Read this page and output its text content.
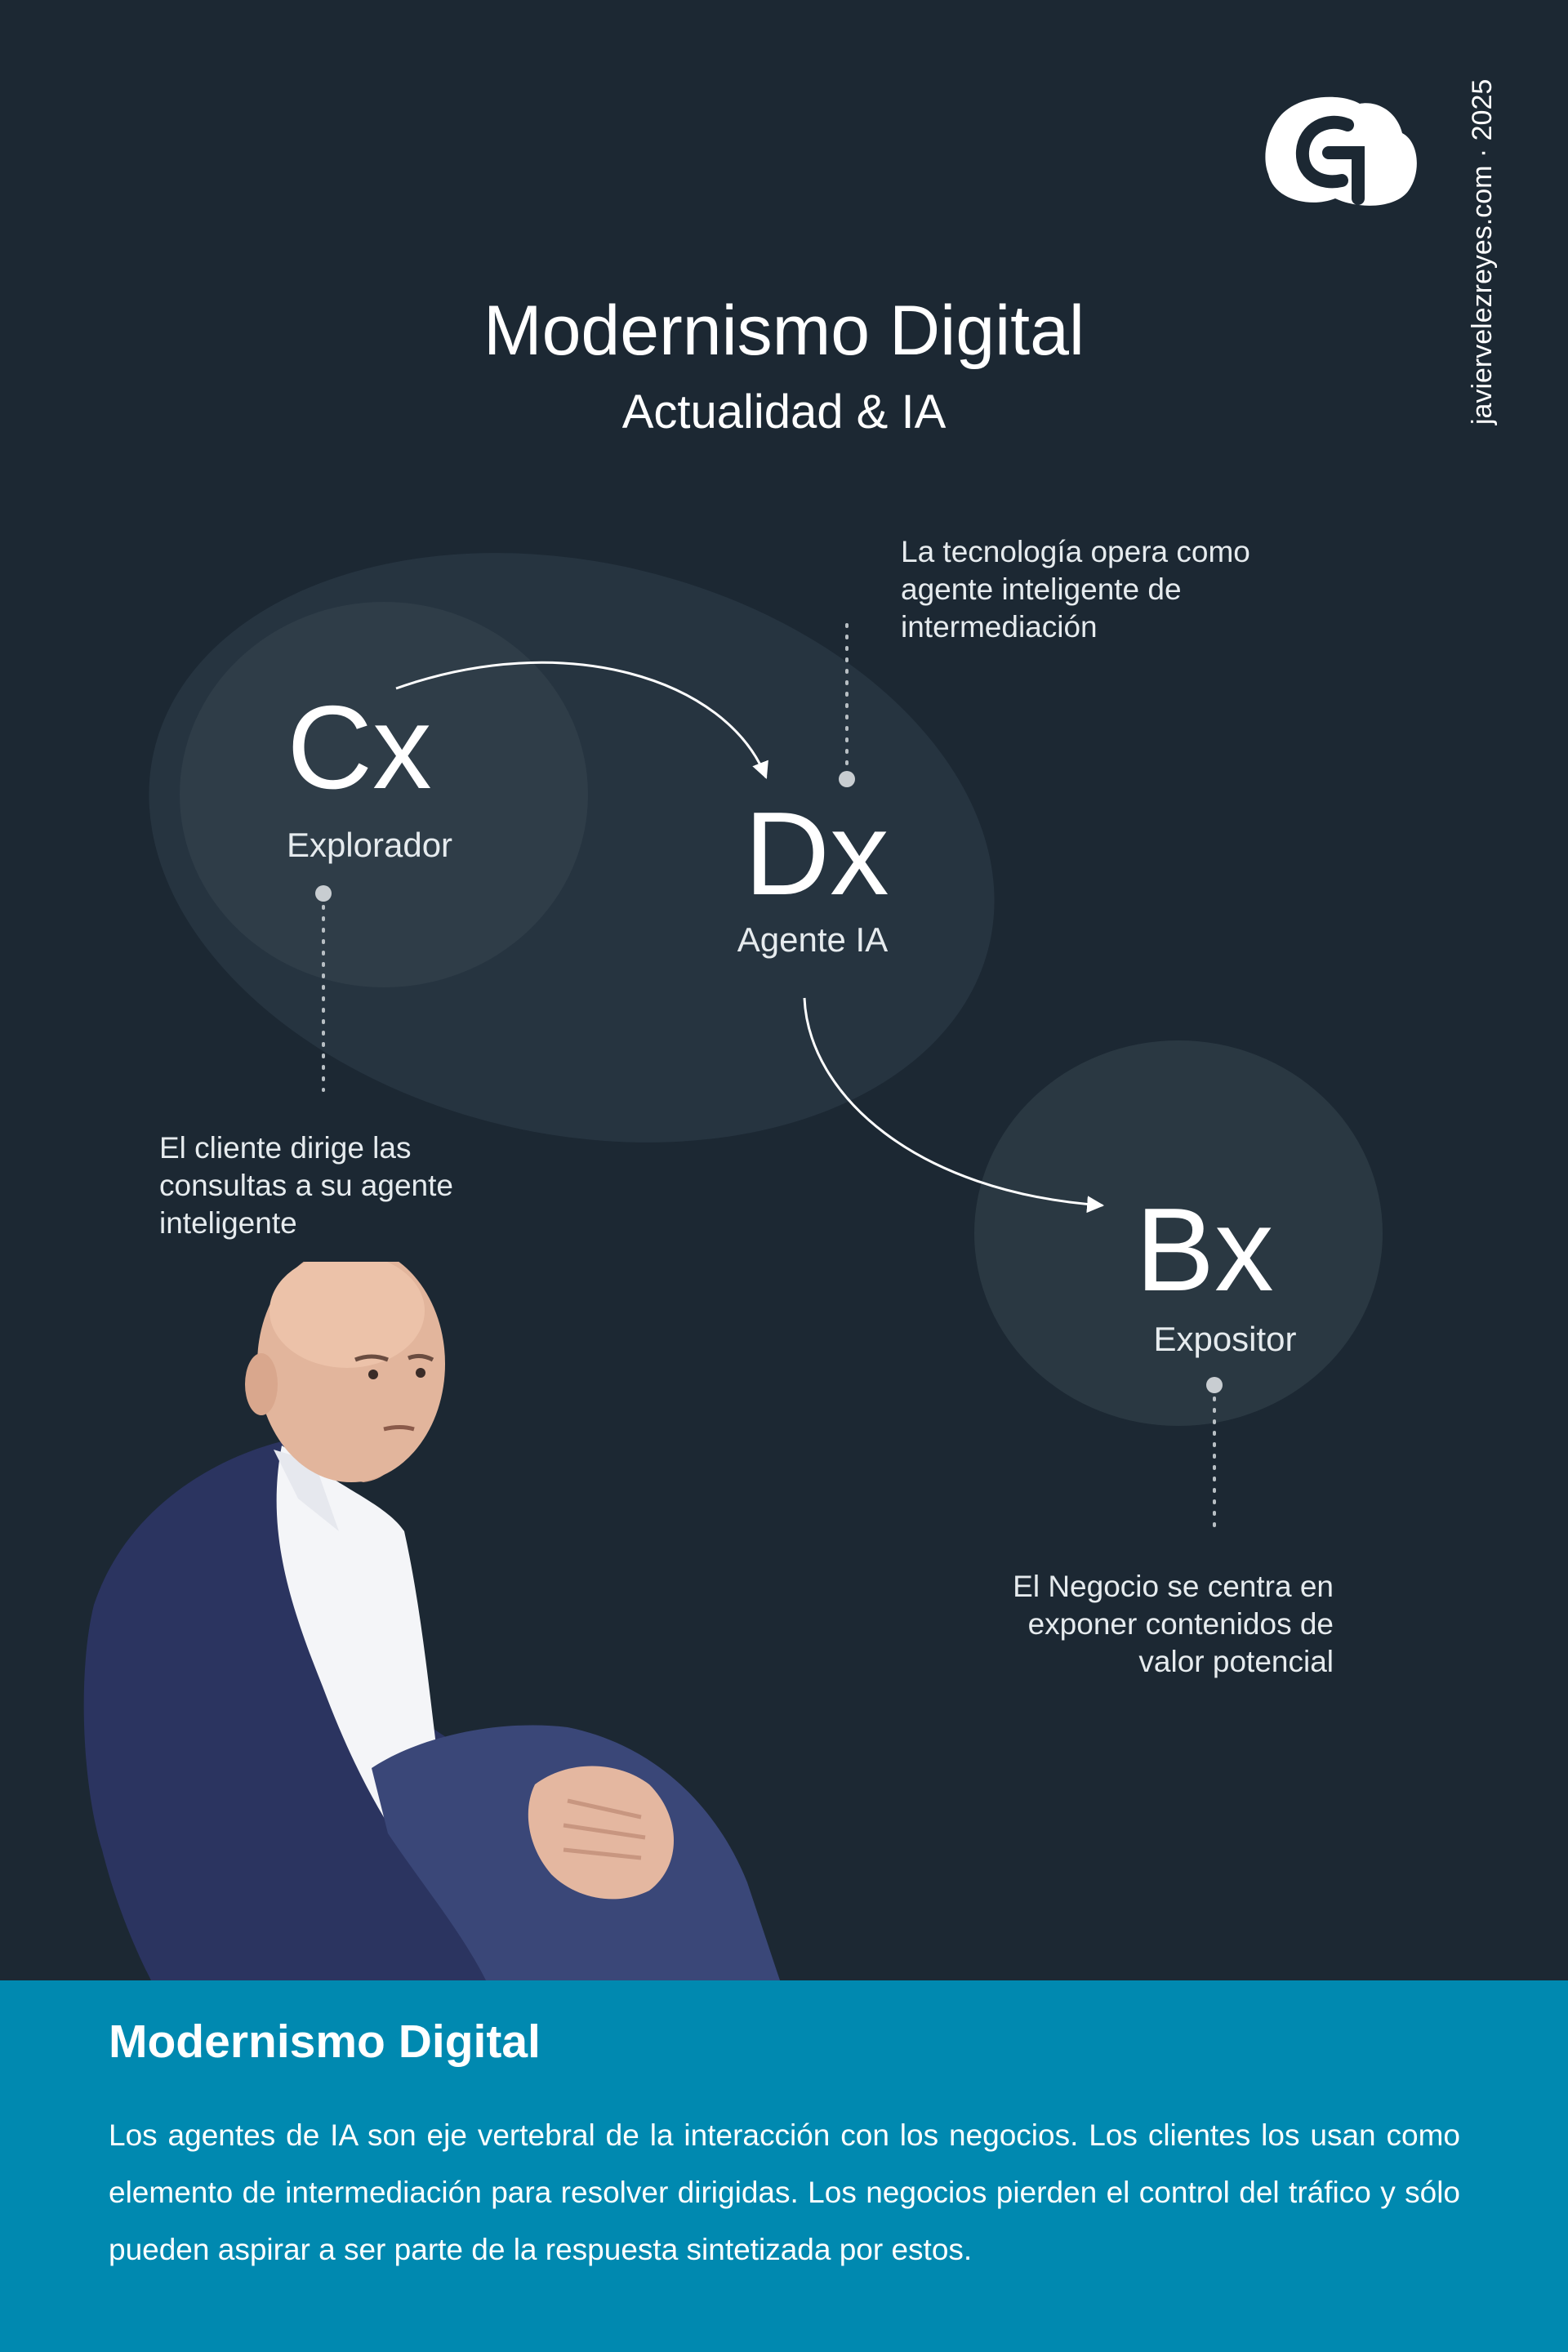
javiervelezreyes.com · 2025
Modernismo Digital
Actualidad & IA
Cx
Explorador	Dx
Agente IA
Bx
Expositor
El cliente dirige las
consultas a su agente
inteligente
La tecnología opera como
agente inteligente de
intermediación
El Negocio se centra en
exponer contenidos de
valor potencial
Modernismo Digital
Los agentes de IA son eje vertebral de la interacción con los negocios. Los clientes los usan como elemento de intermediación para resolver dirigidas. Los negocios pierden el control del tráfico y sólo pueden aspirar a ser parte de la respuesta sintetizada por estos.
